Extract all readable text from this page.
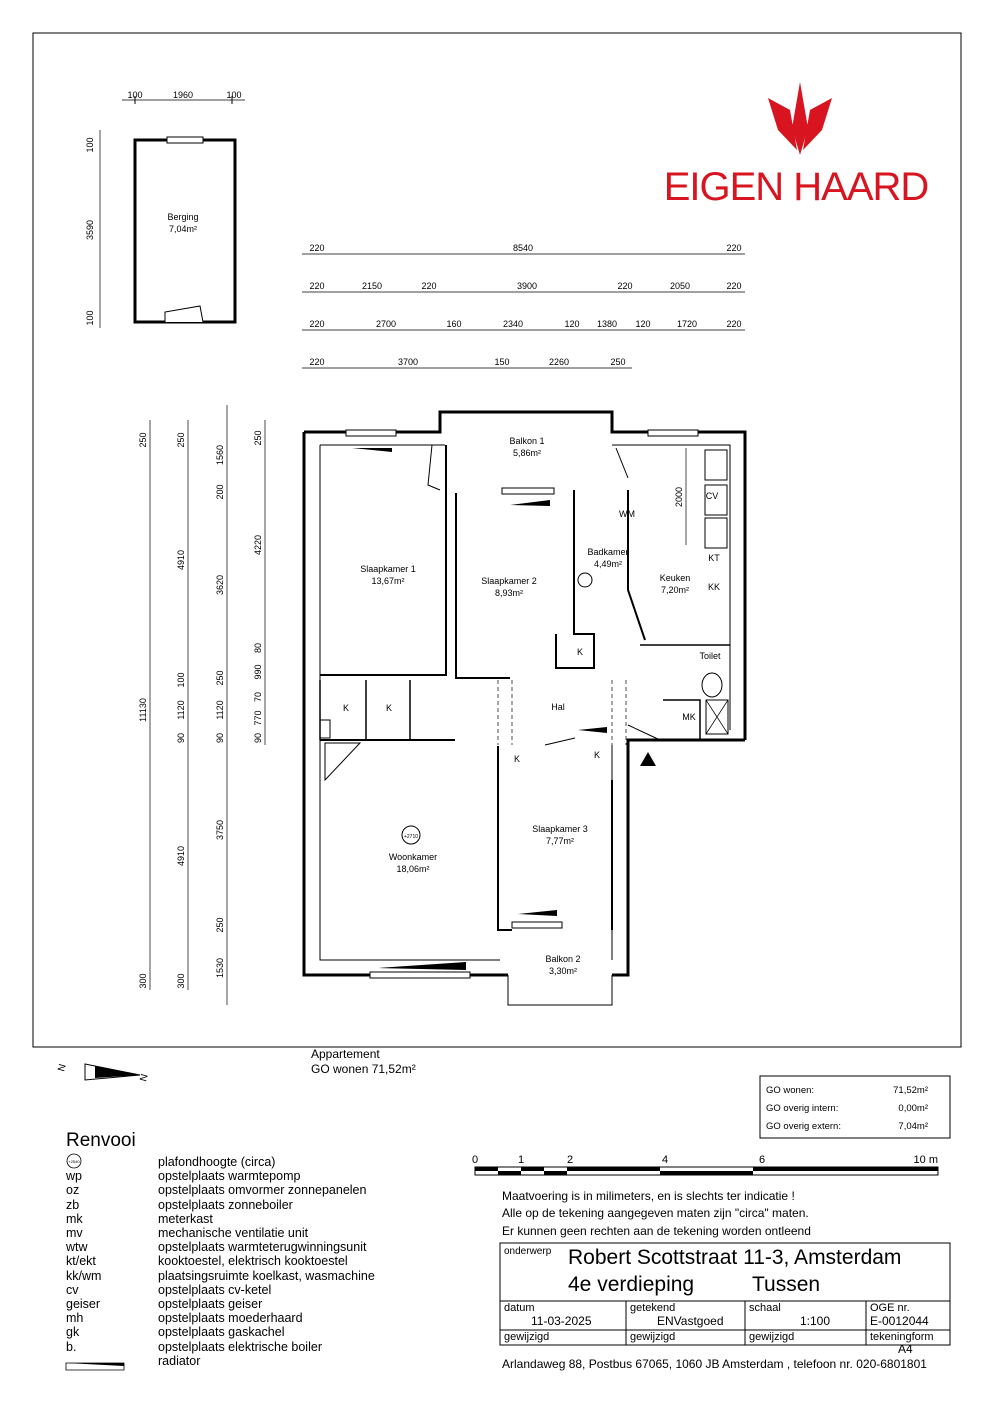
EIGEN HAARD
100	1960	100
100
3590
100
Berging
7,04m²
220	8540	220
220	2150	220	3900	220	2050	220
220	2700	160	2340	120 1380 120	1720	220
220	3700	150	2260	250
250
11130
300
250
4910
100
1120
90
4910
300
1560
200
3620
250
1120
90
3750
250
1530
250
4220
80
990
70
770
90
Balkon 1
5,86m²
Slaapkamer 1
13,67m²	Slaapkamer 2
8,93m²
Badkamer
4,49m²
Keuken
7,20m²
Hal
Woonkamer
18,06m²
Slaapkamer 3
7,77m²
Balkon 2
3,30m²
WM
KT
KK
CV
Toilet
MK
K	K
K
K	K
2000
+2710
N
N
Appartement
GO wonen 71,52m²
GO wonen:	71,52m²
GO overig intern:	0,00m²
GO overig extern:	7,04m²
0	1	2	4	6	10 m
+2540
Renvooi
plafondhoogte (circa)
wp	opstelplaats warmtepomp
oz	opstelplaats omvormer zonnepanelen
zb	opstelplaats zonneboiler
mk	meterkast
mv	mechanische ventilatie unit
wtw	opstelplaats warmteterugwinningsunit
kt/ekt	kooktoestel, elektrisch kooktoestel
kk/wm	plaatsingsruimte koelkast, wasmachine
cv	opstelplaats cv-ketel
geiser	opstelplaats geiser
mh	opstelplaats moederhaard
gk	opstelplaats gaskachel
b.	opstelplaats elektrische boiler
radiator
Maatvoering is in milimeters, en is slechts ter indicatie !
Alle op de tekening aangegeven maten zijn "circa" maten.
Er kunnen geen rechten aan de tekening worden ontleend
onderwerp Robert Scottstraat 11-3, Amsterdam
4e verdieping	Tussen
datum
11-03-2025
getekend
ENVastgoed
schaal
1:100
OGE nr.
E-0012044
gewijzigd	gewijzigd	gewijzigd	tekeningform
A4
Arlandaweg 88, Postbus 67065, 1060 JB Amsterdam , telefoon nr. 020-6801801
